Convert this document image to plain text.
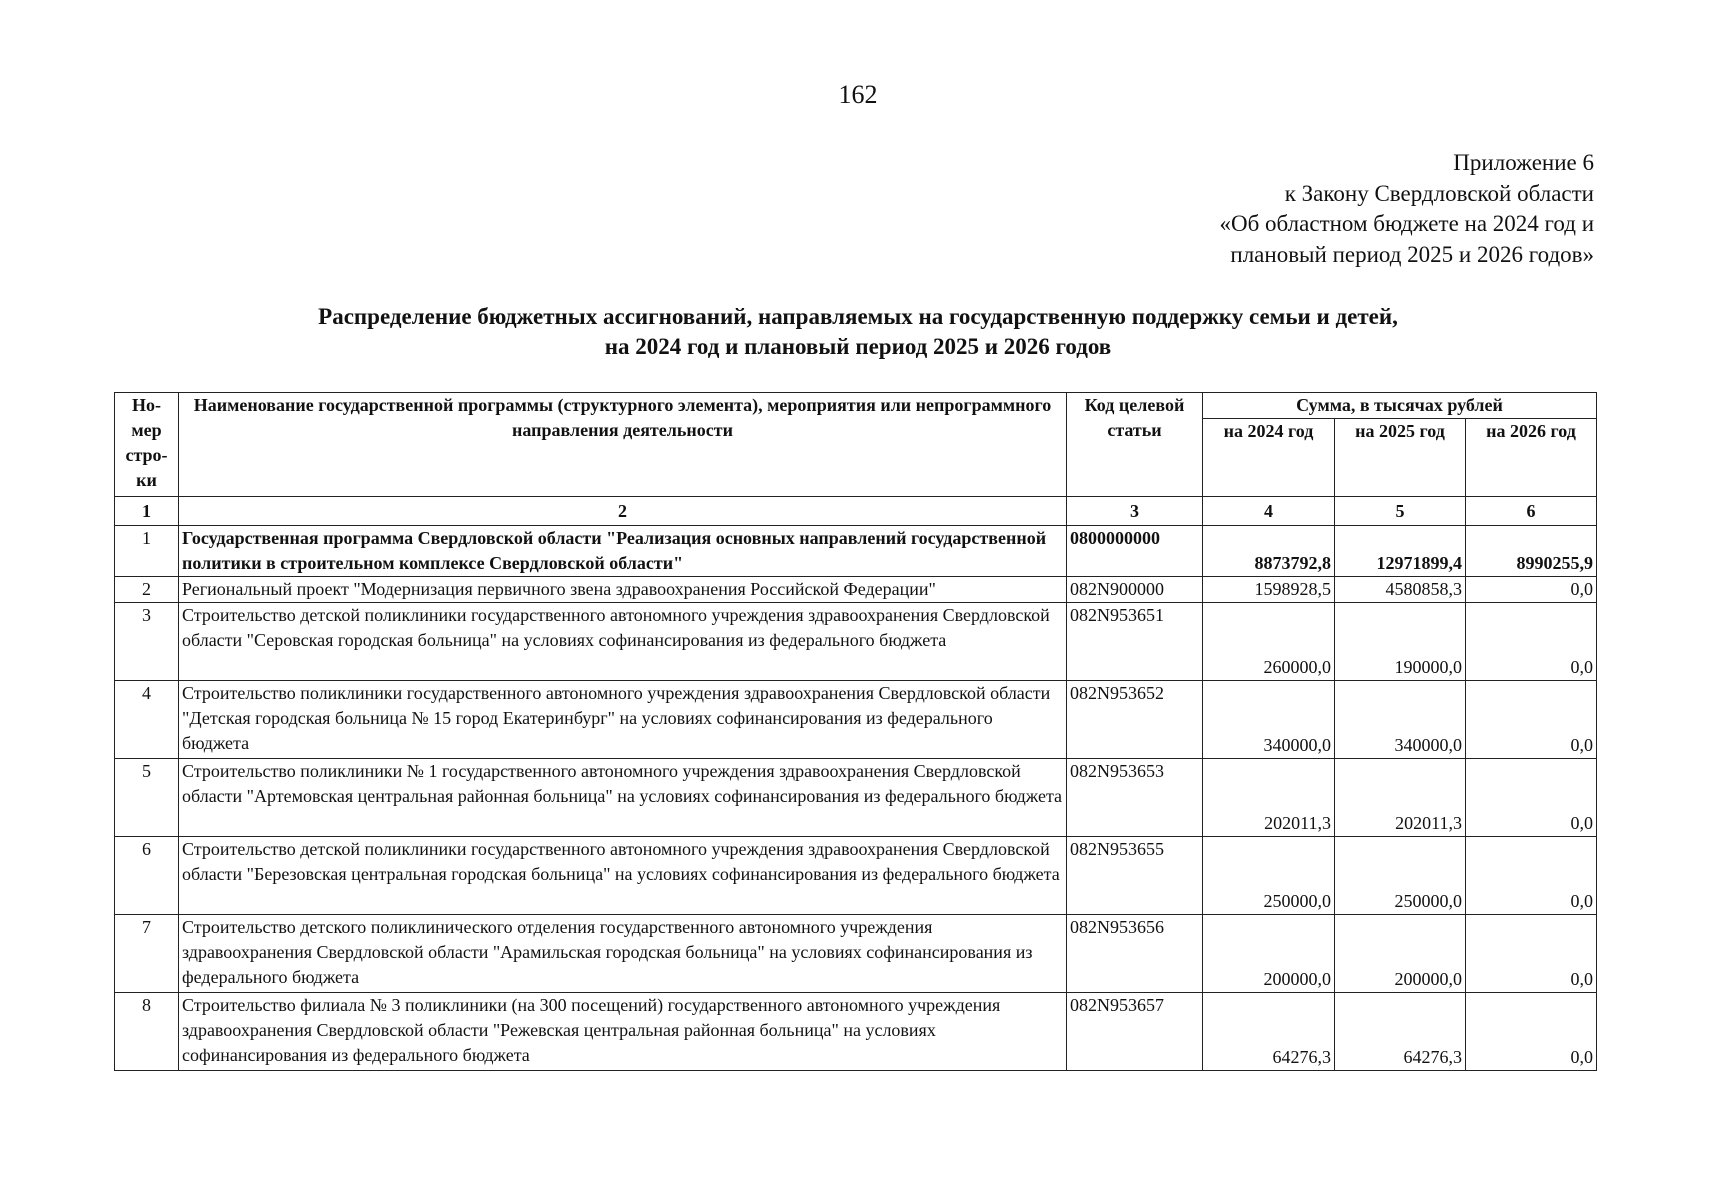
162
Приложение 6
к Закону Свердловской области
«Об областном бюджете на 2024 год и
плановый период 2025 и 2026 годов»
Распределение бюджетных ассигнований, направляемых на государственную поддержку семьи и детей,
на 2024 год и плановый период 2025 и 2026 годов
Но-
мер
стро-
ки	Наименование государственной программы (структурного элемента), мероприятия или непрограммного направления деятельности	Код целевой статьи	Сумма, в тысячах рублей		
			на 2024 год	на 2025 год	на 2026 год
1	2	3	4	5	6
1	Государственная программа Свердловской области "Реализация основных направлений государственной политики в строительном комплексе Свердловской области"	0800000000	8873792,8	12971899,4	8990255,9
2	Региональный проект "Модернизация первичного звена здравоохранения Российской Федерации"	082N900000	1598928,5	4580858,3	0,0
3	Строительство детской поликлиники государственного автономного учреждения здравоохранения Свердловской области "Серовская городская больница" на условиях софинансирования из федерального бюджета	082N953651	260000,0	190000,0	0,0
4	Строительство поликлиники государственного автономного учреждения здравоохранения Свердловской области "Детская городская больница № 15 город Екатеринбург" на условиях софинансирования из федерального бюджета	082N953652	340000,0	340000,0	0,0
5	Строительство поликлиники № 1 государственного автономного учреждения здравоохранения Свердловской области "Артемовская центральная районная больница" на условиях софинансирования из федерального бюджета	082N953653	202011,3	202011,3	0,0
6	Строительство детской поликлиники государственного автономного учреждения здравоохранения Свердловской области "Березовская центральная городская больница" на условиях софинансирования из федерального бюджета	082N953655	250000,0	250000,0	0,0
7	Строительство детского поликлинического отделения государственного автономного учреждения здравоохранения Свердловской области "Арамильская городская больница" на условиях софинансирования из федерального бюджета	082N953656	200000,0	200000,0	0,0
8	Строительство филиала № 3 поликлиники (на 300 посещений) государственного автономного учреждения здравоохранения Свердловской области "Режевская центральная районная больница" на условиях софинансирования из федерального бюджета	082N953657	64276,3	64276,3	0,0
